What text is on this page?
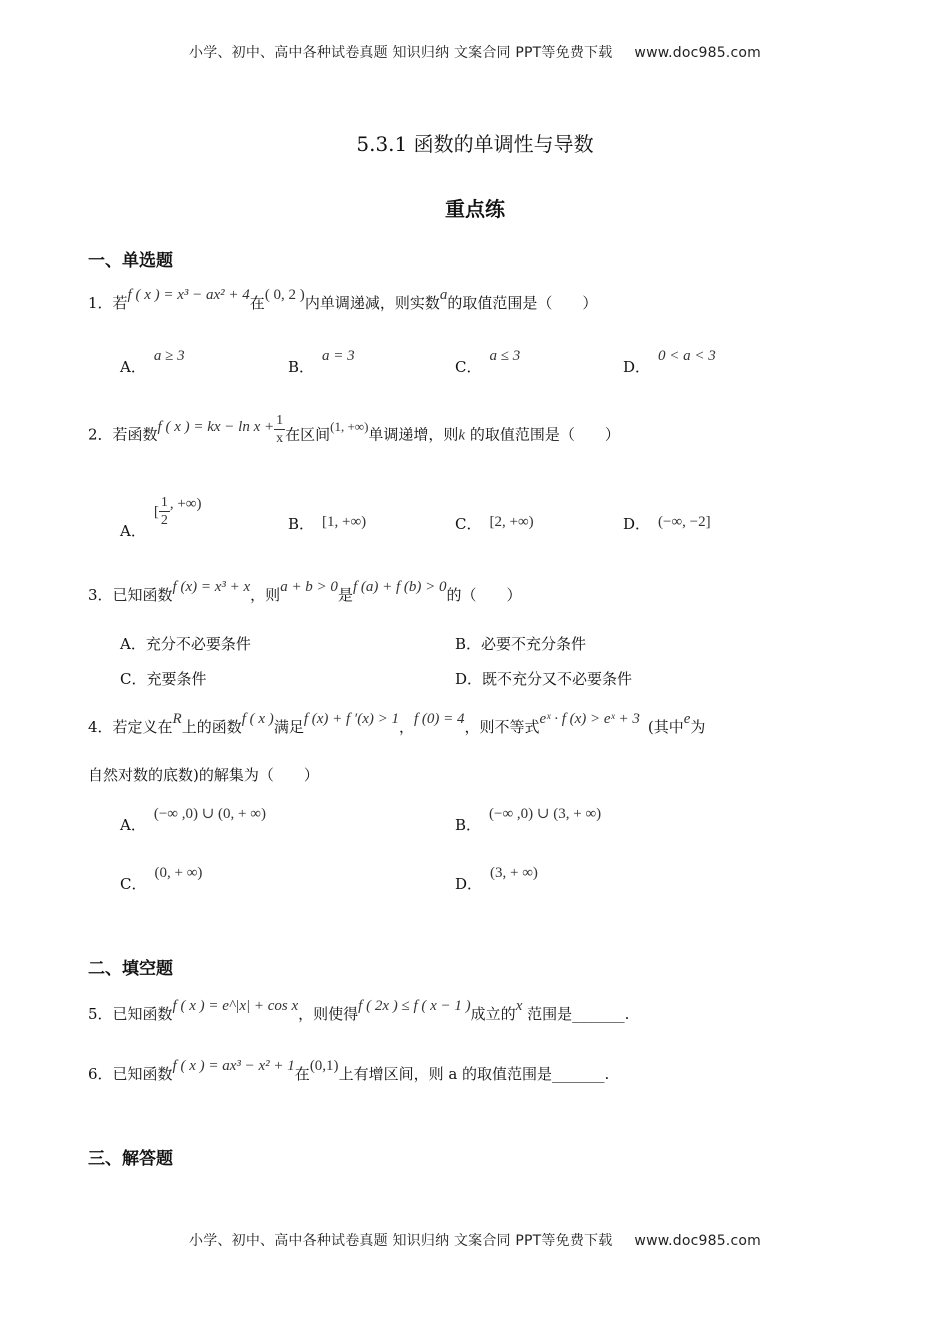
小学、初中、高中各种试卷真题 知识归纳 文案合同 PPT等免费下载 www.doc985.com
5.3.1 函数的单调性与导数
重点练
一、单选题
1．若f ( x ) = x³ − ax² + 4在( 0, 2 )内单调递减，则实数a的取值范围是（　　）
A．a ≥ 3
B．a = 3
C．a ≤ 3
D．0 < a < 3
2．若函数f ( x ) = kx − $\ln x + \frac{1}{x}$ 在区间(1, +∞)单调递增，则k 的取值范围是（　　）
A．[ $\frac{1}{2}$ , +∞)
B． [1, +∞)	C． [2, +∞)	D． (−∞, −2]
3．已知函数f (x) = x³ + x，则a + b > 0是f (a) + f (b) > 0的（　　）
A．充分不必要条件	B．必要不充分条件
C．充要条件	D．既不充分又不必要条件
4．若定义在R上的函数f ( x )满足f (x) + f ′(x) > 1，f (0) = 4，则不等式eˣ · f (x) > eˣ + 3 (其中e为
自然对数的底数)的解集为（　　）
A．(−∞ ,0) ∪ (0, + ∞)
B．(−∞ ,0) ∪ (3, + ∞)
C．(0, + ∞)
D．(3, + ∞)
二、填空题
5．已知函数f ( x ) = e^|x| + cos x，则使得f ( 2x ) ≤ f ( x − 1 )成立的x 范围是_______.
6．已知函数f ( x ) = ax³ − x² + 1在(0,1)上有增区间，则 a 的取值范围是_______.
三、解答题
小学、初中、高中各种试卷真题 知识归纳 文案合同 PPT等免费下载 www.doc985.com
